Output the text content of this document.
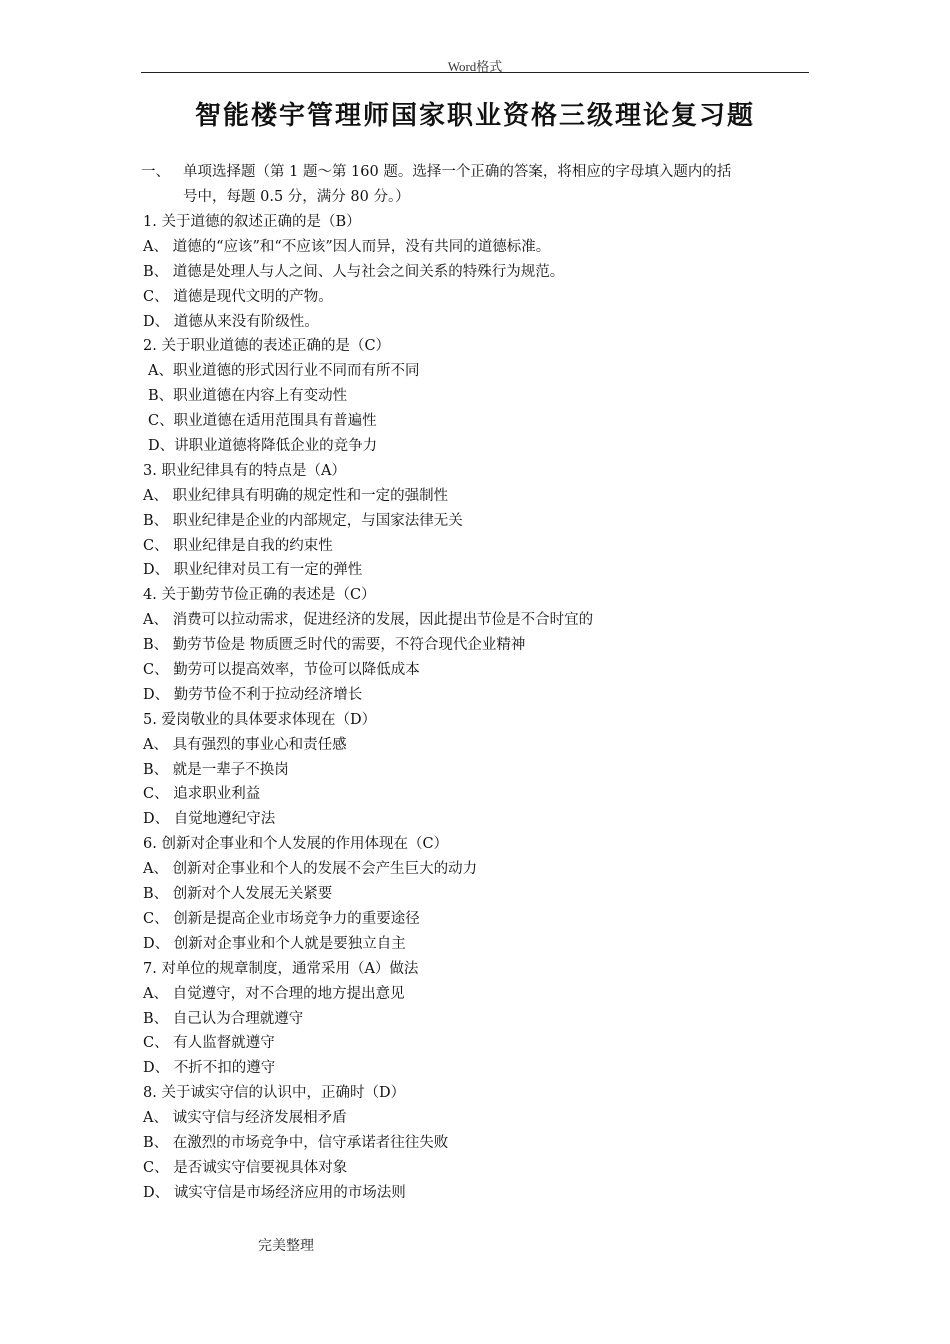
Word格式
智能楼宇管理师国家职业资格三级理论复习题
一、 单项选择题（第 1 题～第 160 题。选择一个正确的答案，将相应的字母填入题内的括
号中，每题 0.5 分，满分 80 分。）
1. 关于道德的叙述正确的是（B）
A、 道德的“应该”和“不应该”因人而异，没有共同的道德标准。
B、 道德是处理人与人之间、人与社会之间关系的特殊行为规范。
C、 道德是现代文明的产物。
D、 道德从来没有阶级性。
2. 关于职业道德的表述正确的是（C）
A、职业道德的形式因行业不同而有所不同
B、职业道德在内容上有变动性
C、职业道德在适用范围具有普遍性
D、讲职业道德将降低企业的竞争力
3. 职业纪律具有的特点是（A）
A、 职业纪律具有明确的规定性和一定的强制性
B、 职业纪律是企业的内部规定，与国家法律无关
C、 职业纪律是自我的约束性
D、 职业纪律对员工有一定的弹性
4. 关于勤劳节俭正确的表述是（C）
A、 消费可以拉动需求，促进经济的发展，因此提出节俭是不合时宜的
B、 勤劳节俭是 物质匮乏时代的需要，不符合现代企业精神
C、 勤劳可以提高效率，节俭可以降低成本
D、 勤劳节俭不利于拉动经济增长
5. 爱岗敬业的具体要求体现在（D）
A、 具有强烈的事业心和责任感
B、 就是一辈子不换岗
C、 追求职业利益
D、 自觉地遵纪守法
6. 创新对企事业和个人发展的作用体现在（C）
A、 创新对企事业和个人的发展不会产生巨大的动力
B、 创新对个人发展无关紧要
C、 创新是提高企业市场竞争力的重要途径
D、 创新对企事业和个人就是要独立自主
7. 对单位的规章制度，通常采用（A）做法
A、 自觉遵守，对不合理的地方提出意见
B、 自己认为合理就遵守
C、 有人监督就遵守
D、 不折不扣的遵守
8. 关于诚实守信的认识中，正确时（D）
A、 诚实守信与经济发展相矛盾
B、 在激烈的市场竞争中，信守承诺者往往失败
C、 是否诚实守信要视具体对象
D、 诚实守信是市场经济应用的市场法则
完美整理
